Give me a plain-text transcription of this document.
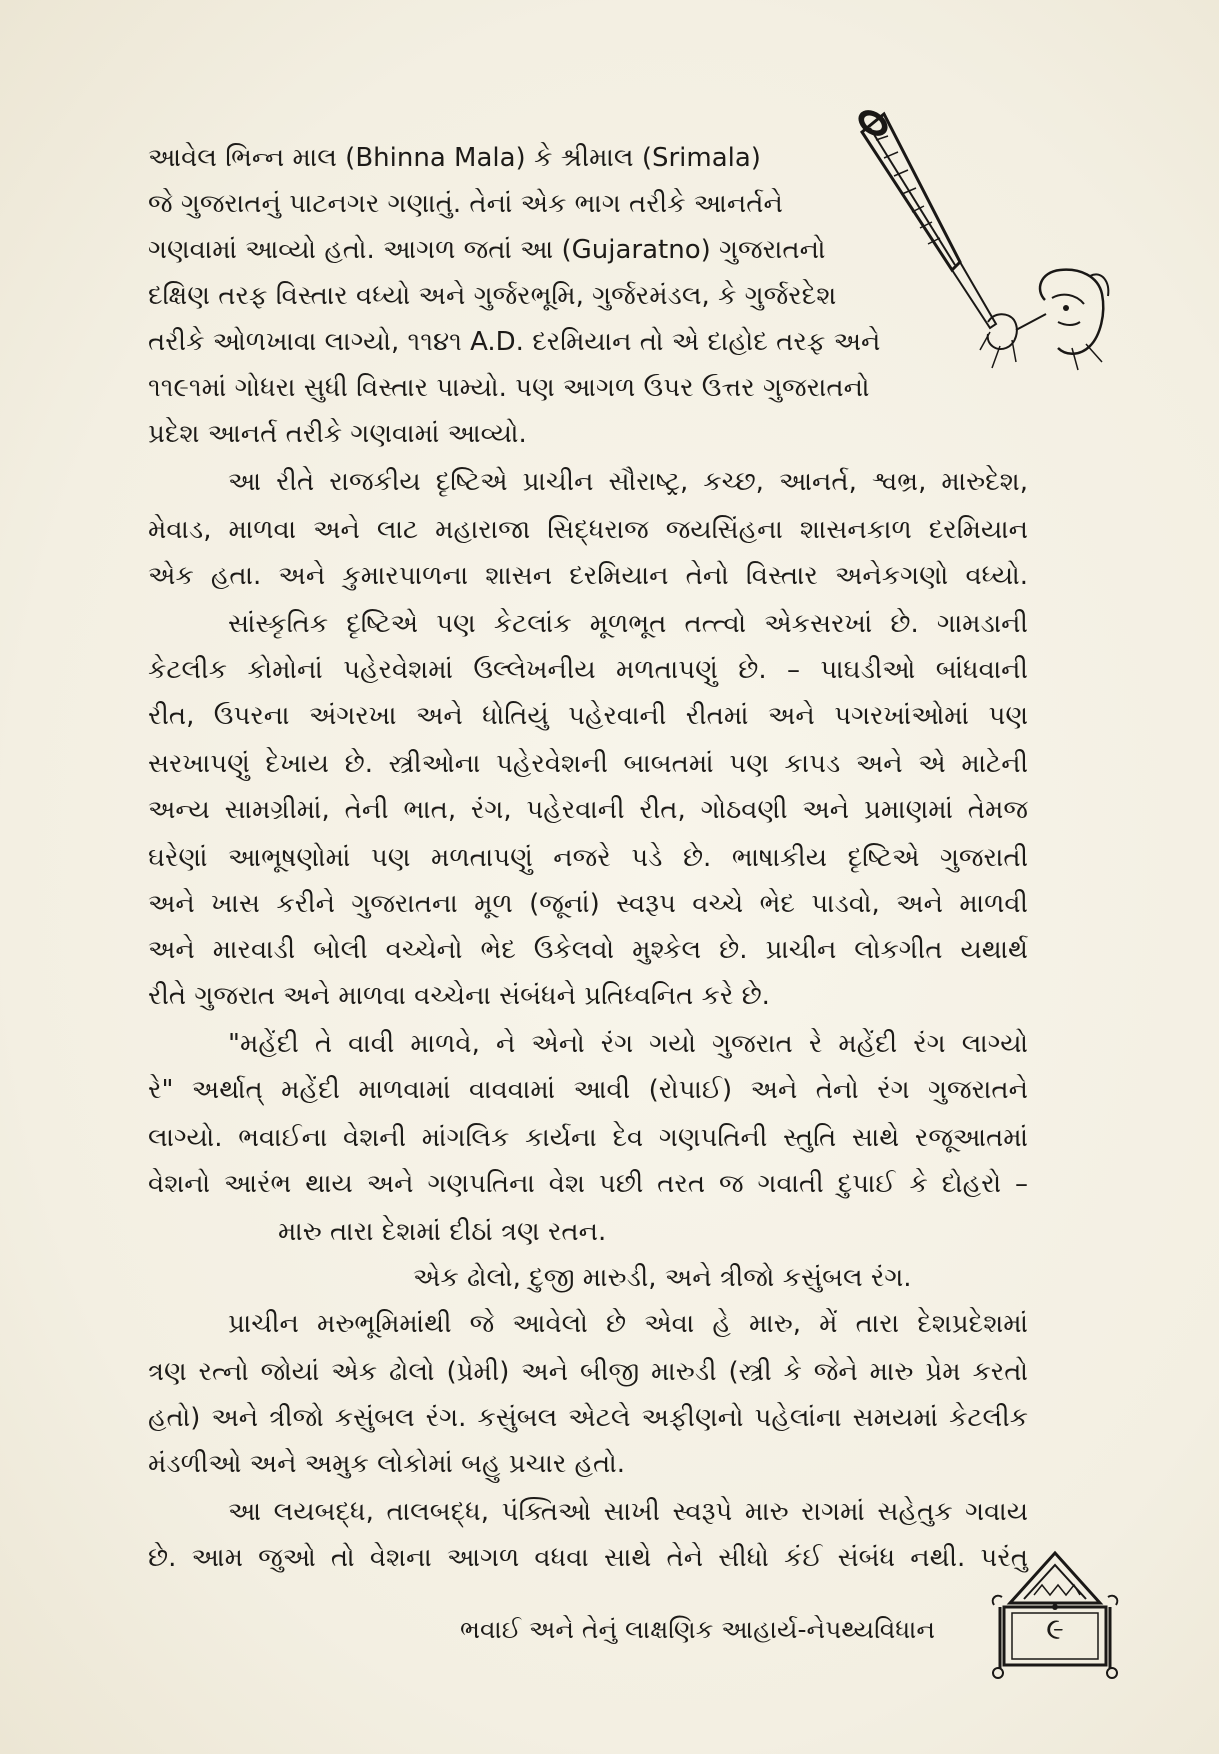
આવેલ ભિન્ન માલ (Bhinna Mala) કે શ્રીમાલ (Srimala)
જે ગુજરાતનું પાટનગર ગણાતું. તેનાં એક ભાગ તરીકે આનર્તને
ગણવામાં આવ્યો હતો. આગળ જતાં આ (Gujaratno) ગુજરાતનો
દક્ષિણ તરફ વિસ્તાર વધ્યો અને ગુર્જરભૂમિ, ગુર્જરમંડલ, કે ગુર્જરદેશ
તરીકે ઓળખાવા લાગ્યો, ૧૧૪૧ A.D. દરમિયાન તો એ દાહોદ તરફ અને
૧૧૯૧માં ગોધરા સુધી વિસ્તાર પામ્યો. પણ આગળ ઉપર ઉત્તર ગુજરાતનો
પ્રદેશ આનર્ત તરીકે ગણવામાં આવ્યો.
આ રીતે રાજકીય દૃષ્ટિએ પ્રાચીન સૌરાષ્ટ્ર, કચ્છ, આનર્ત, શ્વભ્ર, મારુદેશ,
મેવાડ, માળવા અને લાટ મહારાજા સિદ્ધરાજ જયસિંહના શાસનકાળ દરમિયાન
એક હતા. અને કુમારપાળના શાસન દરમિયાન તેનો વિસ્તાર અનેકગણો વધ્યો.
સાંસ્કૃતિક દૃષ્ટિએ પણ કેટલાંક મૂળભૂત તત્ત્વો એકસરખાં છે. ગામડાની
કેટલીક કોમોનાં પહેરવેશમાં ઉલ્લેખનીય મળતાપણું છે. – પાઘડીઓ બાંધવાની
રીત, ઉપરના અંગરખા અને ધોતિયું પહેરવાની રીતમાં અને પગરખાંઓમાં પણ
સરખાપણું દેખાય છે. સ્ત્રીઓના પહેરવેશની બાબતમાં પણ કાપડ અને એ માટેની
અન્ય સામગ્રીમાં, તેની ભાત, રંગ, પહેરવાની રીત, ગોઠવણી અને પ્રમાણમાં તેમજ
ઘરેણાં આભૂષણોમાં પણ મળતાપણું નજરે પડે છે. ભાષાકીય દૃષ્ટિએ ગુજરાતી
અને ખાસ કરીને ગુજરાતના મૂળ (જૂનાં) સ્વરૂપ વચ્ચે ભેદ પાડવો, અને માળવી
અને મારવાડી બોલી વચ્ચેનો ભેદ ઉકેલવો મુશ્કેલ છે. પ્રાચીન લોકગીત યથાર્થ
રીતે ગુજરાત અને માળવા વચ્ચેના સંબંધને પ્રતિધ્વનિત કરે છે.
"મહેંદી તે વાવી માળવે, ને એનો રંગ ગયો ગુજરાત રે મહેંદી રંગ લાગ્યો
રે" અર્થાત્ મહેંદી માળવામાં વાવવામાં આવી (રોપાઈ) અને તેનો રંગ ગુજરાતને
લાગ્યો. ભવાઈના વેશની માંગલિક કાર્યના દેવ ગણપતિની સ્તુતિ સાથે રજૂઆતમાં
વેશનો આરંભ થાય અને ગણપતિના વેશ પછી તરત જ ગવાતી દુપાઈ કે દોહરો –
મારુ તારા દેશમાં દીઠાં ત્રણ રતન.
એક ઢોલો, દુજી મારુડી, અને ત્રીજો કસુંબલ રંગ.
પ્રાચીન મરુભૂમિમાંથી જે આવેલો છે એવા હે મારુ, મેં તારા દેશપ્રદેશમાં
ત્રણ રત્નો જોયાં એક ઢોલો (પ્રેમી) અને બીજી મારુડી (સ્ત્રી કે જેને મારુ પ્રેમ કરતો
હતો) અને ત્રીજો કસુંબલ રંગ. કસુંબલ એટલે અફીણનો પહેલાંના સમયમાં કેટલીક
મંડળીઓ અને અમુક લોકોમાં બહુ પ્રચાર હતો.
આ લયબદ્ધ, તાલબદ્ધ, પંક્તિઓ સાખી સ્વરૂપે મારુ રાગમાં સહેતુક ગવાય
છે. આમ જુઓ તો વેશના આગળ વધવા સાથે તેને સીધો કંઈ સંબંધ નથી. પરંતુ
ભવાઈ અને તેનું લાક્ષણિક આહાર્ય-નેપથ્યવિધાન	૯
